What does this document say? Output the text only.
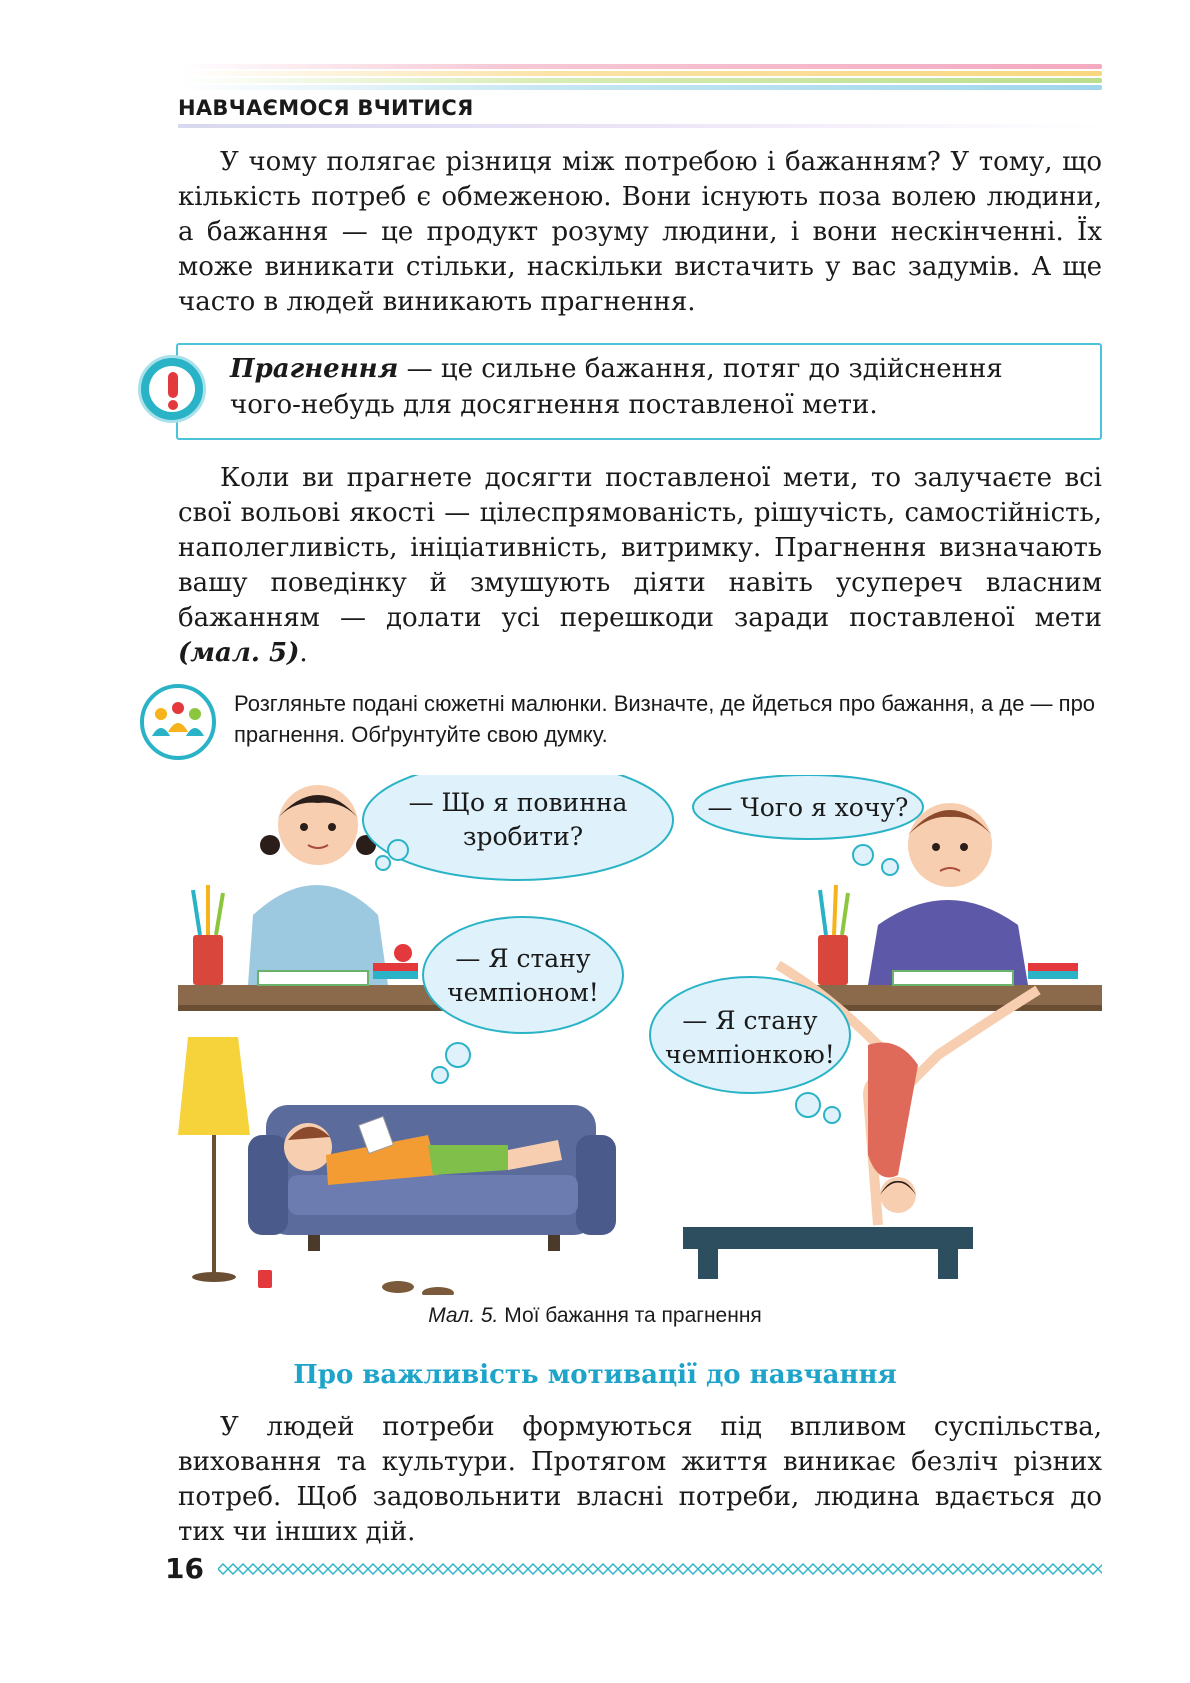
НАВЧАЄМОСЯ ВЧИТИСЯ

У чому полягає різниця між потребою і бажанням? У тому, що кількість потреб є обмеженою. Вони існують поза волею людини, а бажання — це продукт розуму людини, і вони нескінченні. Їх може виникати стільки, наскільки вистачить у вас задумів. А ще часто в людей виникають прагнення.

Прагнення — це сильне бажання, потяг до здійснення чого-небудь для досягнення поставленої мети.

Коли ви прагнете досягти поставленої мети, то залучаєте всі свої вольові якості — цілеспрямованість, рішучість, самостійність, наполегливість, ініціативність, витримку. Прагнення визначають вашу поведінку й змушують діяти навіть усупереч власним бажанням — долати усі перешкоди заради поставленої мети (мал. 5).

Розгляньте подані сюжетні малюнки. Визначте, де йдеться про бажання, а де — про прагнення. Обґрунтуйте свою думку.
— Що я повинна
зробити?
— Чого я хочу?
— Я стану
чемпіоном!
— Я стану
чемпіонкою!
Мал. 5. Мої бажання та прагнення
Про важливість мотивації до навчання

У людей потреби формуються під впливом суспільства, виховання та культури. Протягом життя виникає безліч різних потреб. Щоб задовольнити власні потреби, людина вдається до тих чи інших дій.

16
